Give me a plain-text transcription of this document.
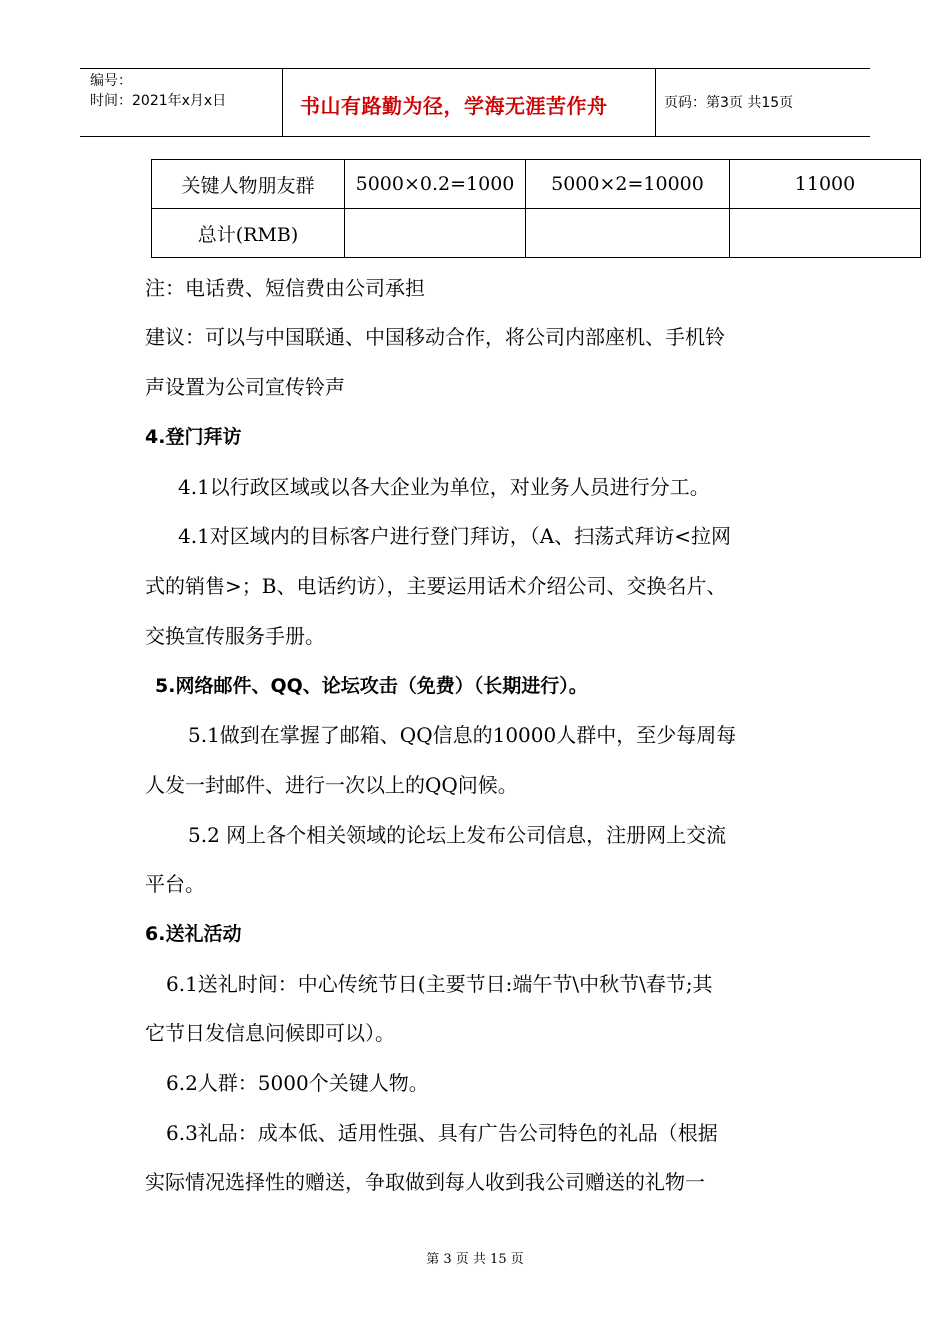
编号：
时间：2021年x月x日	书山有路勤为径，学海无涯苦作舟	页码：第3页 共15页
关键人物朋友群	5000×0.2=1000	5000×2=10000	11000
总计(RMB)			
注：电话费、短信费由公司承担
建议：可以与中国联通、中国移动合作，将公司内部座机、手机铃
声设置为公司宣传铃声
4.登门拜访
4.1以行政区域或以各大企业为单位，对业务人员进行分工。
4.1对区域内的目标客户进行登门拜访，（A、扫荡式拜访<拉网
式的销售>；B、电话约访），主要运用话术介绍公司、交换名片、
交换宣传服务手册。
5.网络邮件、QQ、论坛攻击（免费）（长期进行）。
5.1做到在掌握了邮箱、QQ信息的10000人群中，至少每周每
人发一封邮件、进行一次以上的QQ问候。
5.2 网上各个相关领域的论坛上发布公司信息，注册网上交流
平台。
6.送礼活动
6.1送礼时间：中心传统节日(主要节日:端午节\中秋节\春节;其
它节日发信息问候即可以）。
6.2人群：5000个关键人物。
6.3礼品：成本低、适用性强、具有广告公司特色的礼品（根据
实际情况选择性的赠送，争取做到每人收到我公司赠送的礼物一
第 3 页 共 15 页
